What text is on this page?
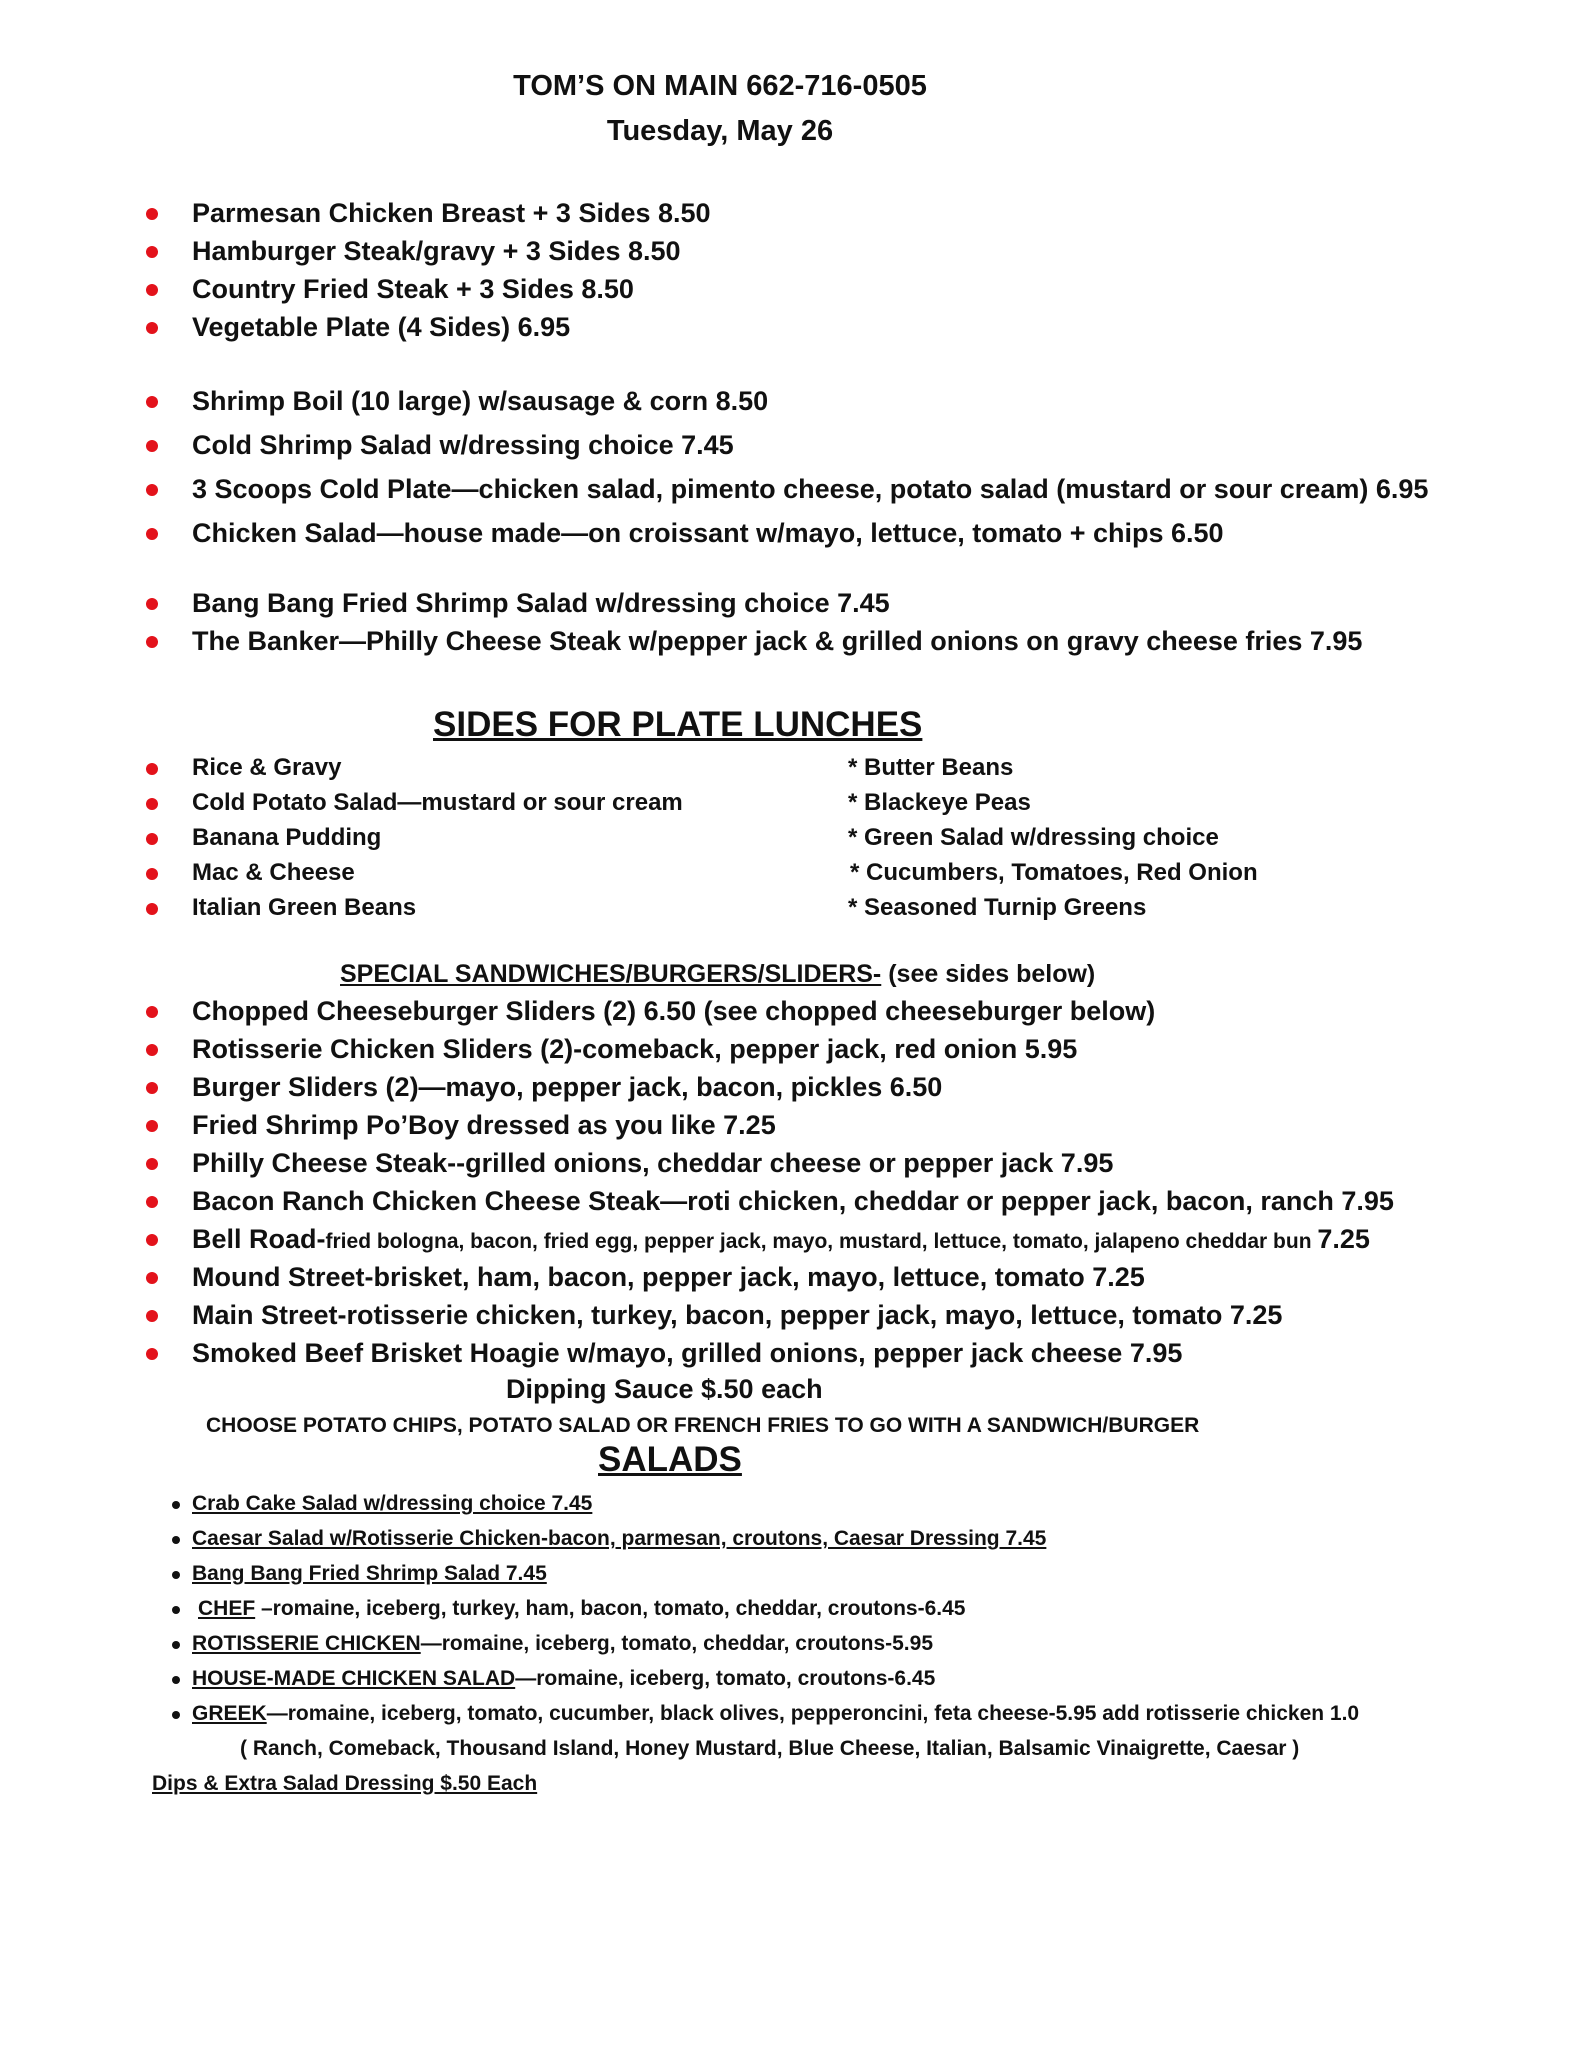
TOM’S ON MAIN 662-716-0505
Tuesday, May 26
Parmesan Chicken Breast + 3 Sides 8.50
Hamburger Steak/gravy + 3 Sides 8.50
Country Fried Steak + 3 Sides 8.50
Vegetable Plate (4 Sides) 6.95
Shrimp Boil (10 large) w/sausage & corn 8.50
Cold Shrimp Salad w/dressing choice 7.45
3 Scoops Cold Plate—chicken salad, pimento cheese, potato salad (mustard or sour cream) 6.95
Chicken Salad—house made—on croissant w/mayo, lettuce, tomato + chips 6.50
Bang Bang Fried Shrimp Salad w/dressing choice 7.45
The Banker—Philly Cheese Steak w/pepper jack & grilled onions on gravy cheese fries 7.95
SIDES FOR PLATE LUNCHES
Rice & Gravy
Cold Potato Salad—mustard or sour cream
Banana Pudding
Mac & Cheese
Italian Green Beans
* Butter Beans
* Blackeye Peas
* Green Salad w/dressing choice
* Cucumbers, Tomatoes, Red Onion
* Seasoned Turnip Greens
SPECIAL SANDWICHES/BURGERS/SLIDERS- (see sides below)
Chopped Cheeseburger Sliders (2) 6.50 (see chopped cheeseburger below)
Rotisserie Chicken Sliders (2)-comeback, pepper jack, red onion 5.95
Burger Sliders (2)—mayo, pepper jack, bacon, pickles 6.50
Fried Shrimp Po’Boy dressed as you like 7.25
Philly Cheese Steak--grilled onions, cheddar cheese or pepper jack 7.95
Bacon Ranch Chicken Cheese Steak—roti chicken, cheddar or pepper jack, bacon, ranch 7.95
Bell Road-fried bologna, bacon, fried egg, pepper jack, mayo, mustard, lettuce, tomato, jalapeno cheddar bun 7.25
Mound Street-brisket, ham, bacon, pepper jack, mayo, lettuce, tomato 7.25
Main Street-rotisserie chicken, turkey, bacon, pepper jack, mayo, lettuce, tomato 7.25
Smoked Beef Brisket Hoagie w/mayo, grilled onions, pepper jack cheese 7.95
Dipping Sauce $.50 each
CHOOSE POTATO CHIPS, POTATO SALAD OR FRENCH FRIES TO GO WITH A SANDWICH/BURGER
SALADS
Crab Cake Salad w/dressing choice 7.45
Caesar Salad w/Rotisserie Chicken-bacon, parmesan, croutons, Caesar Dressing 7.45
Bang Bang Fried Shrimp Salad 7.45
CHEF –romaine, iceberg, turkey, ham, bacon, tomato, cheddar, croutons-6.45
ROTISSERIE CHICKEN—romaine, iceberg, tomato, cheddar, croutons-5.95
HOUSE-MADE CHICKEN SALAD—romaine, iceberg, tomato, croutons-6.45
GREEK—romaine, iceberg, tomato, cucumber, black olives, pepperoncini, feta cheese-5.95 add rotisserie chicken 1.0
( Ranch, Comeback, Thousand Island, Honey Mustard, Blue Cheese, Italian, Balsamic Vinaigrette, Caesar )
Dips & Extra Salad Dressing $.50 Each
